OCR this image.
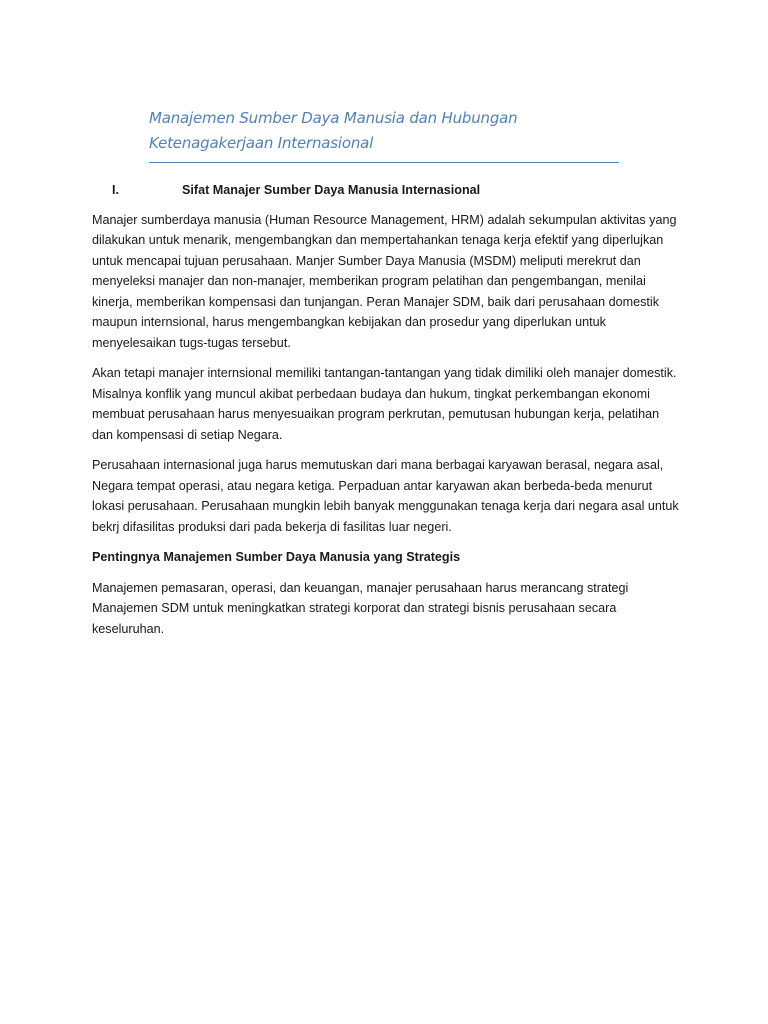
Manajemen Sumber Daya Manusia dan Hubungan

Ketenagakerjaan Internasional

I.	Sifat Manajer Sumber Daya Manusia Internasional

Manajer sumberdaya manusia (Human Resource Management, HRM) adalah sekumpulan aktivitas yang dilakukan untuk menarik, mengembangkan dan mempertahankan tenaga kerja efektif yang diperlujkan untuk mencapai tujuan perusahaan. Manjer Sumber Daya Manusia (MSDM) meliputi merekrut dan menyeleksi manajer dan non-manajer, memberikan program pelatihan dan pengembangan, menilai kinerja, memberikan kompensasi dan tunjangan. Peran Manajer SDM, baik dari perusahaan domestik maupun internsional, harus mengembangkan kebijakan dan prosedur yang diperlukan untuk menyelesaikan tugs-tugas tersebut.

Akan tetapi manajer internsional memiliki tantangan-tantangan yang tidak dimiliki oleh manajer domestik. Misalnya konflik yang muncul akibat perbedaan budaya dan hukum, tingkat perkembangan ekonomi membuat perusahaan harus menyesuaikan program perkrutan, pemutusan hubungan kerja, pelatihan dan kompensasi di setiap Negara.

Perusahaan internasional juga harus memutuskan dari mana berbagai karyawan berasal, negara asal, Negara tempat operasi, atau negara ketiga. Perpaduan antar karyawan akan berbeda-beda menurut lokasi perusahaan. Perusahaan mungkin lebih banyak menggunakan tenaga kerja dari negara asal untuk bekrj difasilitas produksi dari pada bekerja di fasilitas luar negeri.

Pentingnya Manajemen Sumber Daya Manusia yang Strategis

Manajemen pemasaran, operasi, dan keuangan, manajer perusahaan harus merancang strategi Manajemen SDM untuk meningkatkan strategi korporat dan strategi bisnis perusahaan secara keseluruhan.
